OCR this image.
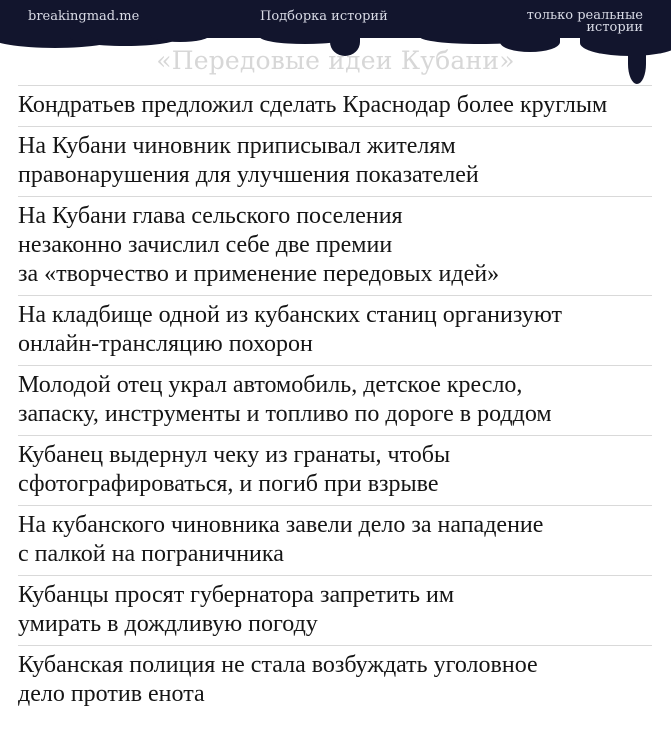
breakingmad.me	Подборка историй	только реальные истории
«Передовые идеи Кубани»
Кондратьев предложил сделать Краснодар более круглым
На Кубани чиновник приписывал жителям
правонарушения для улучшения показателей
На Кубани глава сельского поселения
незаконно зачислил себе две премии
за «творчество и применение передовых идей»
На кладбище одной из кубанских станиц организуют
онлайн-трансляцию похорон
Молодой отец украл автомобиль, детское кресло,
запаску, инструменты и топливо по дороге в роддом
Кубанец выдернул чеку из гранаты, чтобы
сфотографироваться, и погиб при взрыве
На кубанского чиновника завели дело за нападение
с палкой на пограничника
Кубанцы просят губернатора запретить им
умирать в дождливую погоду
Кубанская полиция не стала возбуждать уголовное
дело против енота
